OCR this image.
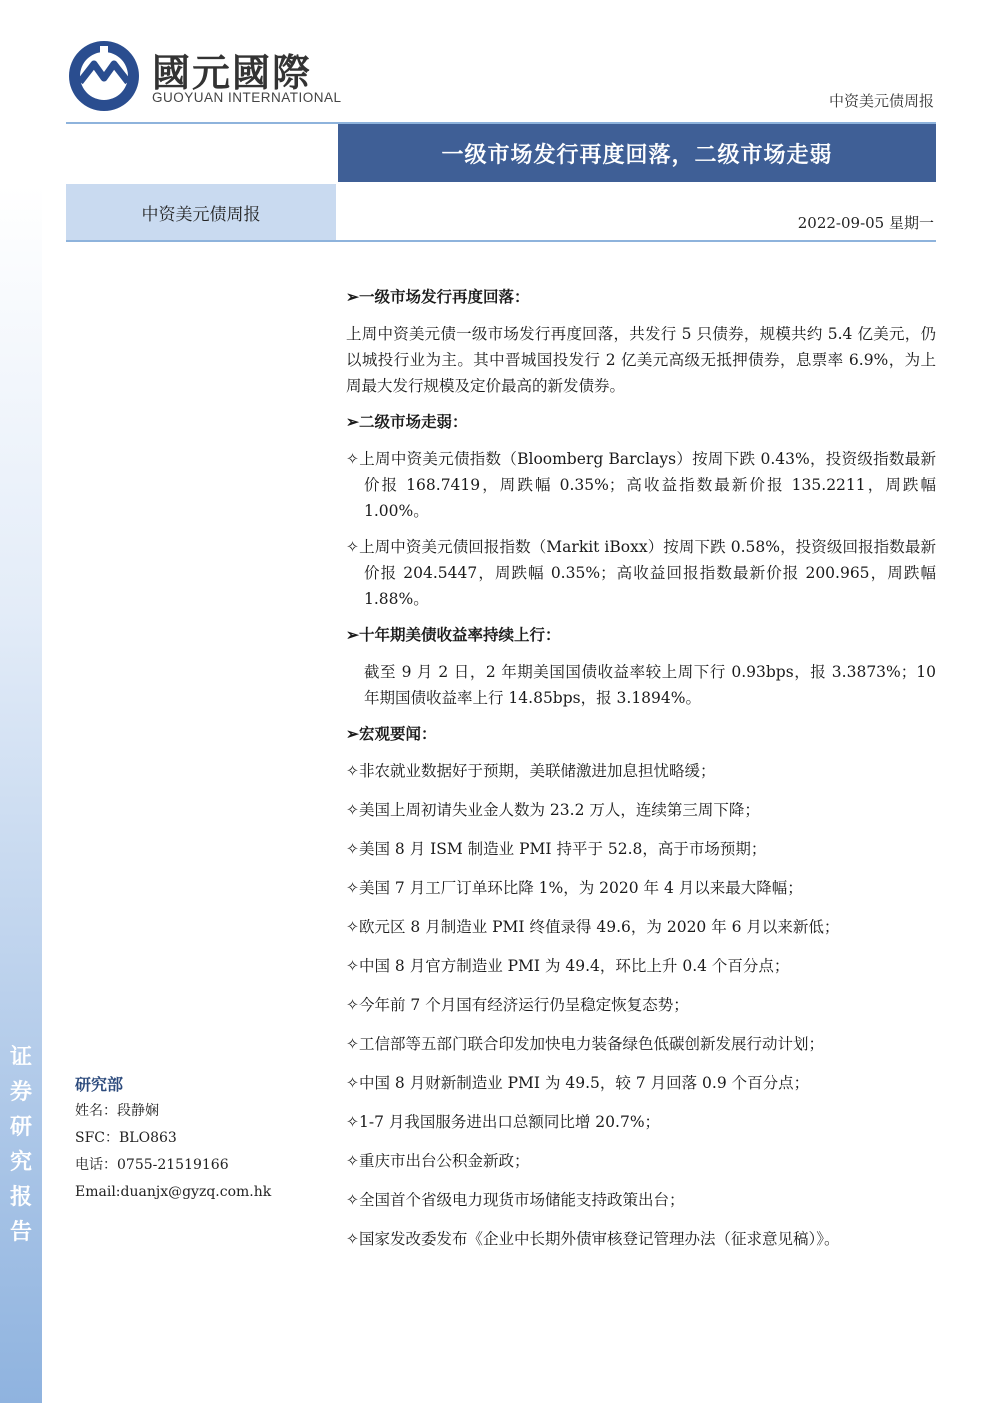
國元國際
GUOYUAN INTERNATIONAL	中资美元债周报
一级市场发行再度回落，二级市场走弱
中资美元债周报	2022-09-05 星期一
证券研究报告

➢一级市场发行再度回落：

上周中资美元债一级市场发行再度回落，共发行 5 只债券，规模共约 5.4 亿美元，仍以城投行业为主。其中晋城国投发行 2 亿美元高级无抵押债券，息票率 6.9%，为上周最大发行规模及定价最高的新发债券。

➢二级市场走弱：

✧上周中资美元债指数（Bloomberg Barclays）按周下跌 0.43%，投资级指数最新价报 168.7419，周跌幅 0.35%；高收益指数最新价报 135.2211，周跌幅 1.00%。

✧上周中资美元债回报指数（Markit iBoxx）按周下跌 0.58%，投资级回报指数最新价报 204.5447，周跌幅 0.35%；高收益回报指数最新价报 200.965，周跌幅 1.88%。

➢十年期美债收益率持续上行：

截至 9 月 2 日，2 年期美国国债收益率较上周下行 0.93bps，报 3.3873%；10 年期国债收益率上行 14.85bps，报 3.1894%。

➢宏观要闻：

✧非农就业数据好于预期，美联储激进加息担忧略缓；

✧美国上周初请失业金人数为 23.2 万人，连续第三周下降；

✧美国 8 月 ISM 制造业 PMI 持平于 52.8，高于市场预期；

✧美国 7 月工厂订单环比降 1%，为 2020 年 4 月以来最大降幅；

✧欧元区 8 月制造业 PMI 终值录得 49.6，为 2020 年 6 月以来新低；

✧中国 8 月官方制造业 PMI 为 49.4，环比上升 0.4 个百分点；

✧今年前 7 个月国有经济运行仍呈稳定恢复态势；

✧工信部等五部门联合印发加快电力装备绿色低碳创新发展行动计划；

✧中国 8 月财新制造业 PMI 为 49.5，较 7 月回落 0.9 个百分点；

✧1-7 月我国服务进出口总额同比增 20.7%；

✧重庆市出台公积金新政；

✧全国首个省级电力现货市场储能支持政策出台；

✧国家发改委发布《企业中长期外债审核登记管理办法（征求意见稿）》。

研究部
姓名：段静娴
SFC：BLO863
电话：0755-21519166
Email:duanjx@gyzq.com.hk
